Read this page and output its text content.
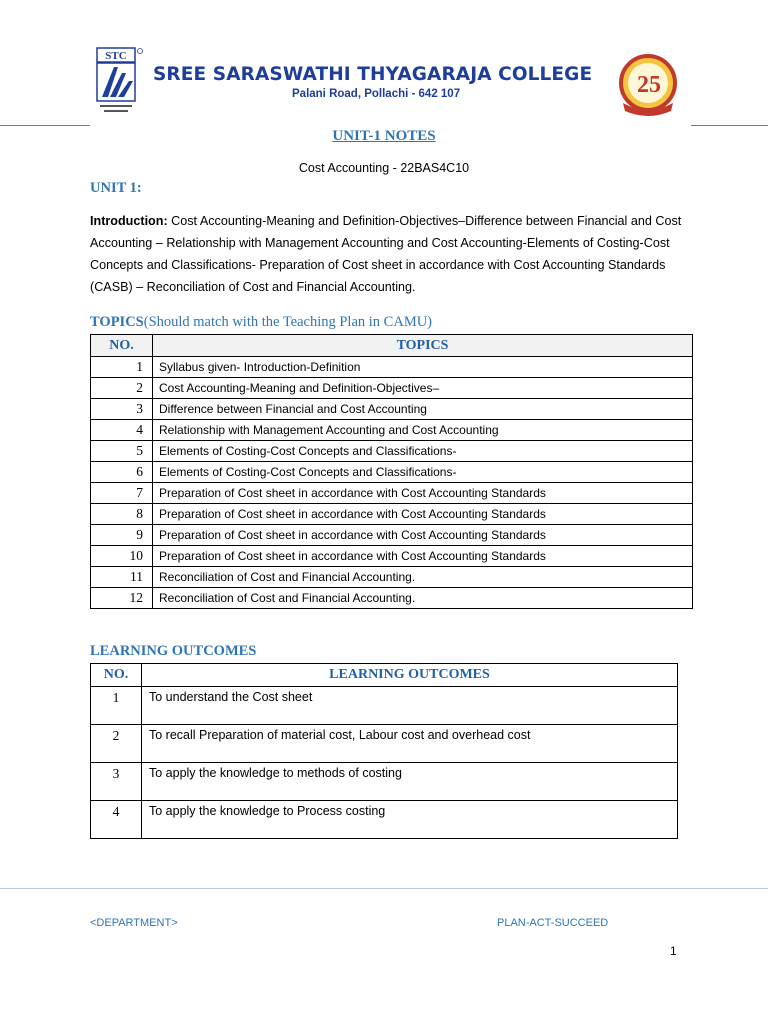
STC
SREE SARASWATHI THYAGARAJA COLLEGE
Palani Road, Pollachi - 642 107	25
UNIT-1 NOTES
Cost Accounting - 22BAS4C10
UNIT 1:
Introduction: Cost Accounting-Meaning and Definition-Objectives–Difference between Financial and Cost Accounting – Relationship with Management Accounting and Cost Accounting-Elements of Costing-Cost Concepts and Classifications- Preparation of Cost sheet in accordance with Cost Accounting Standards (CASB) – Reconciliation of Cost and Financial Accounting.
TOPICS(Should match with the Teaching Plan in CAMU)
NO.	TOPICS
1	Syllabus given- Introduction-Definition
2	Cost Accounting-Meaning and Definition-Objectives–
3	Difference between Financial and Cost Accounting
4	Relationship with Management Accounting and Cost Accounting
5	Elements of Costing-Cost Concepts and Classifications-
6	Elements of Costing-Cost Concepts and Classifications-
7	Preparation of Cost sheet in accordance with Cost Accounting Standards
8	Preparation of Cost sheet in accordance with Cost Accounting Standards
9	Preparation of Cost sheet in accordance with Cost Accounting Standards
10	Preparation of Cost sheet in accordance with Cost Accounting Standards
11	Reconciliation of Cost and Financial Accounting.
12	Reconciliation of Cost and Financial Accounting.
LEARNING OUTCOMES
NO.	LEARNING OUTCOMES
1	To understand the Cost sheet
2	To recall Preparation of material cost, Labour cost and overhead cost
3	To apply the knowledge to methods of costing
4	To apply the knowledge to Process costing
<DEPARTMENT>	PLAN-ACT-SUCCEED
1
